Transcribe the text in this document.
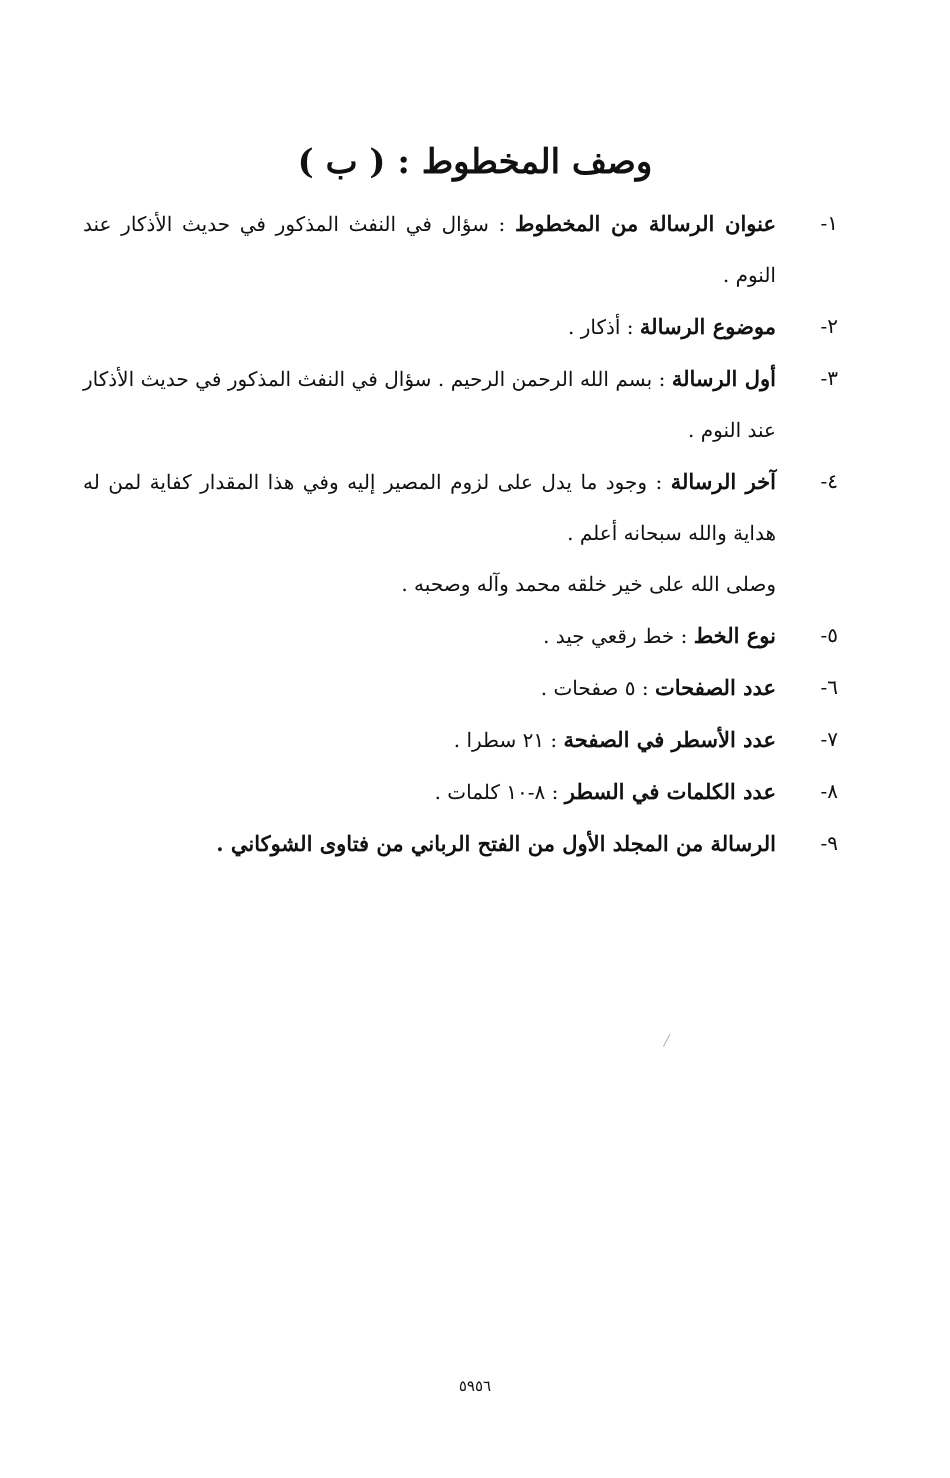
وصف المخطوط : ( ب )
١-
عنوان الرسالة من المخطوط : سؤال في النفث المذكور في حديث الأذكار عند النوم .
٢-
موضوع الرسالة : أذكار .
٣-
أول الرسالة : بسم الله الرحمن الرحيم . سؤال في النفث المذكور في حديث الأذكار عند النوم .
٤-
آخر الرسالة : وجود ما يدل على لزوم المصير إليه وفي هذا المقدار كفاية لمن له هداية والله سبحانه أعلم .
وصلى الله على خير خلقه محمد وآله وصحبه .
٥-
نوع الخط : خط رقعي جيد .
٦-
عدد الصفحات : ٥ صفحات .
٧-
عدد الأسطر في الصفحة : ٢١ سطرا .
٨-
عدد الكلمات في السطر : ٨-١٠ كلمات .
٩-
الرسالة من المجلد الأول من الفتح الرباني من فتاوى الشوكاني .
٥٩٥٦
